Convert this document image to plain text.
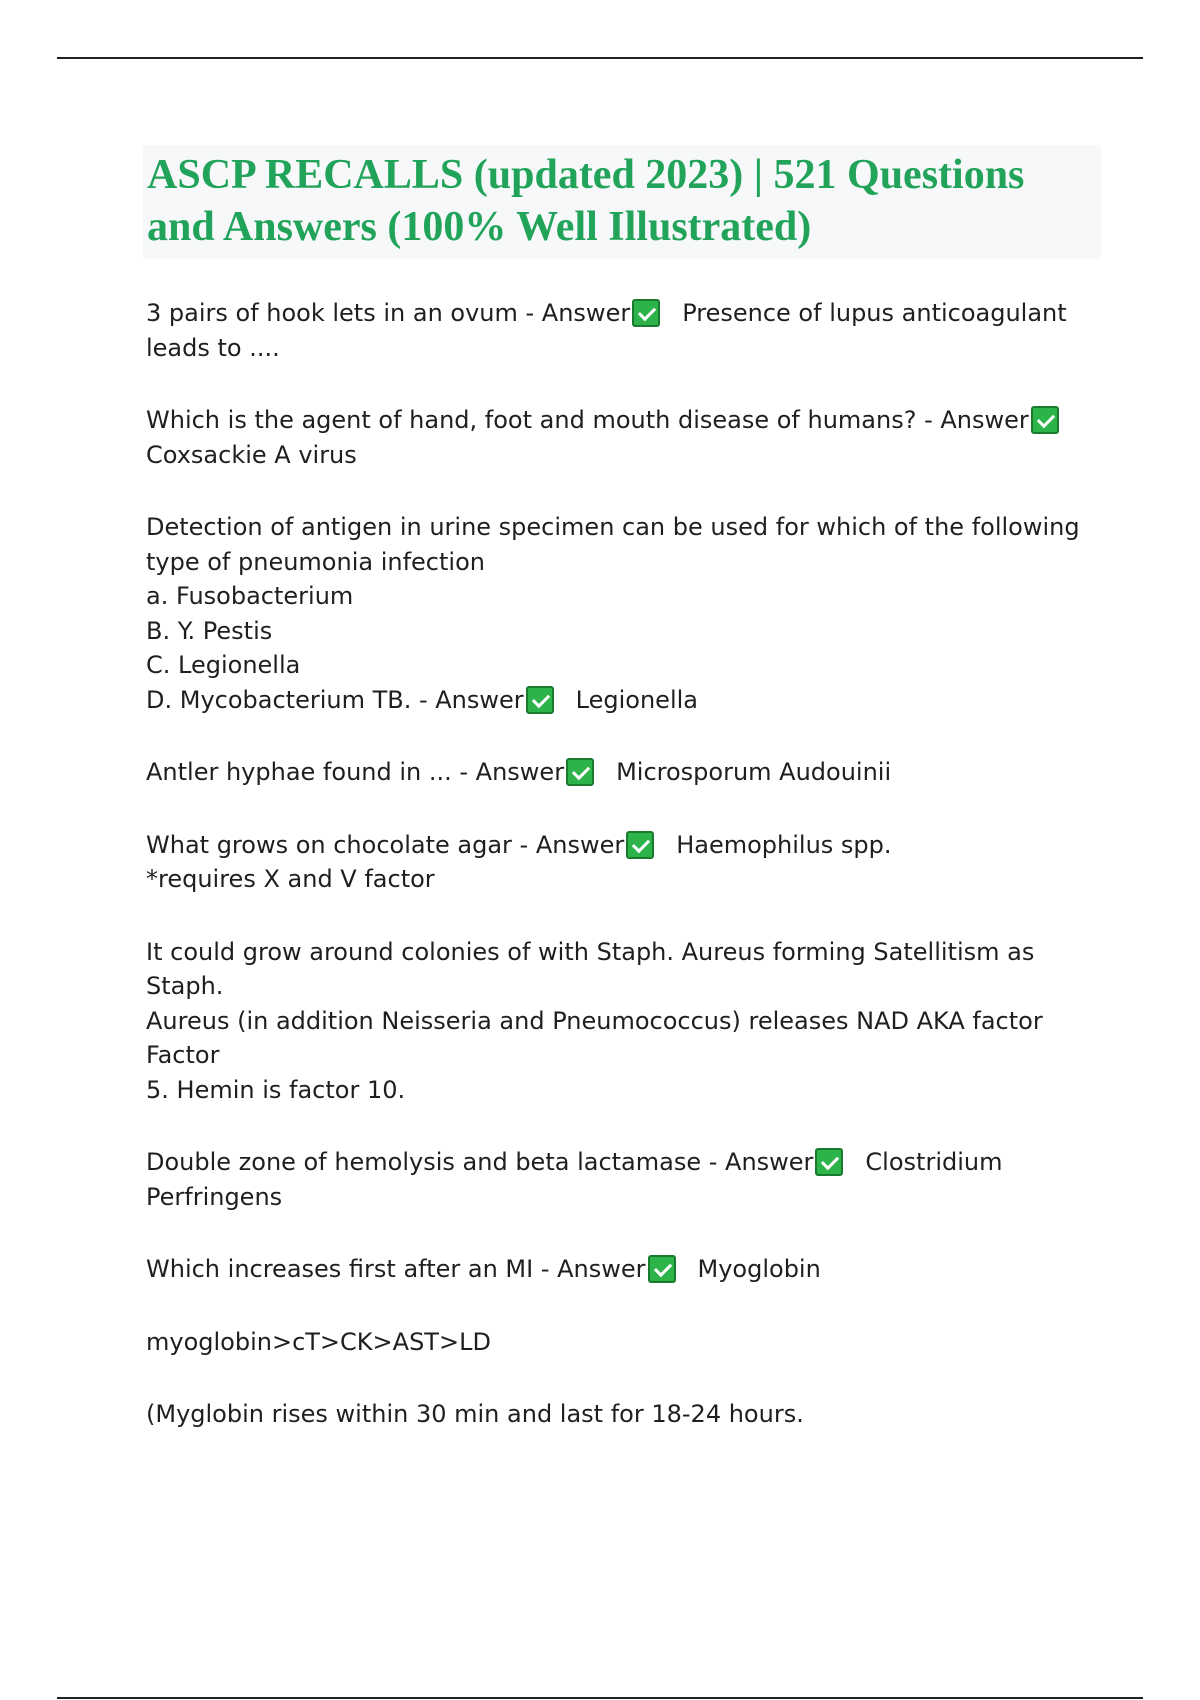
ASCP RECALLS (updated 2023) | 521 Questions and Answers (100% Well Illustrated)
3 pairs of hook lets in an ovum - Answer Presence of lupus anticoagulant
leads to ....
Which is the agent of hand, foot and mouth disease of humans? - Answer
Coxsackie A virus
Detection of antigen in urine specimen can be used for which of the following
type of pneumonia infection
a. Fusobacterium
B. Y. Pestis
C. Legionella
D. Mycobacterium TB. - Answer Legionella
Antler hyphae found in ... - Answer Microsporum Audouinii
What grows on chocolate agar - Answer Haemophilus spp.
*requires X and V factor
It could grow around colonies of with Staph. Aureus forming Satellitism as Staph.
Aureus (in addition Neisseria and Pneumococcus) releases NAD AKA factor Factor
5. Hemin is factor 10.
Double zone of hemolysis and beta lactamase - Answer Clostridium
Perfringens
Which increases first after an MI - Answer Myoglobin
myoglobin>cT>CK>AST>LD
(Myglobin rises within 30 min and last for 18-24 hours.
